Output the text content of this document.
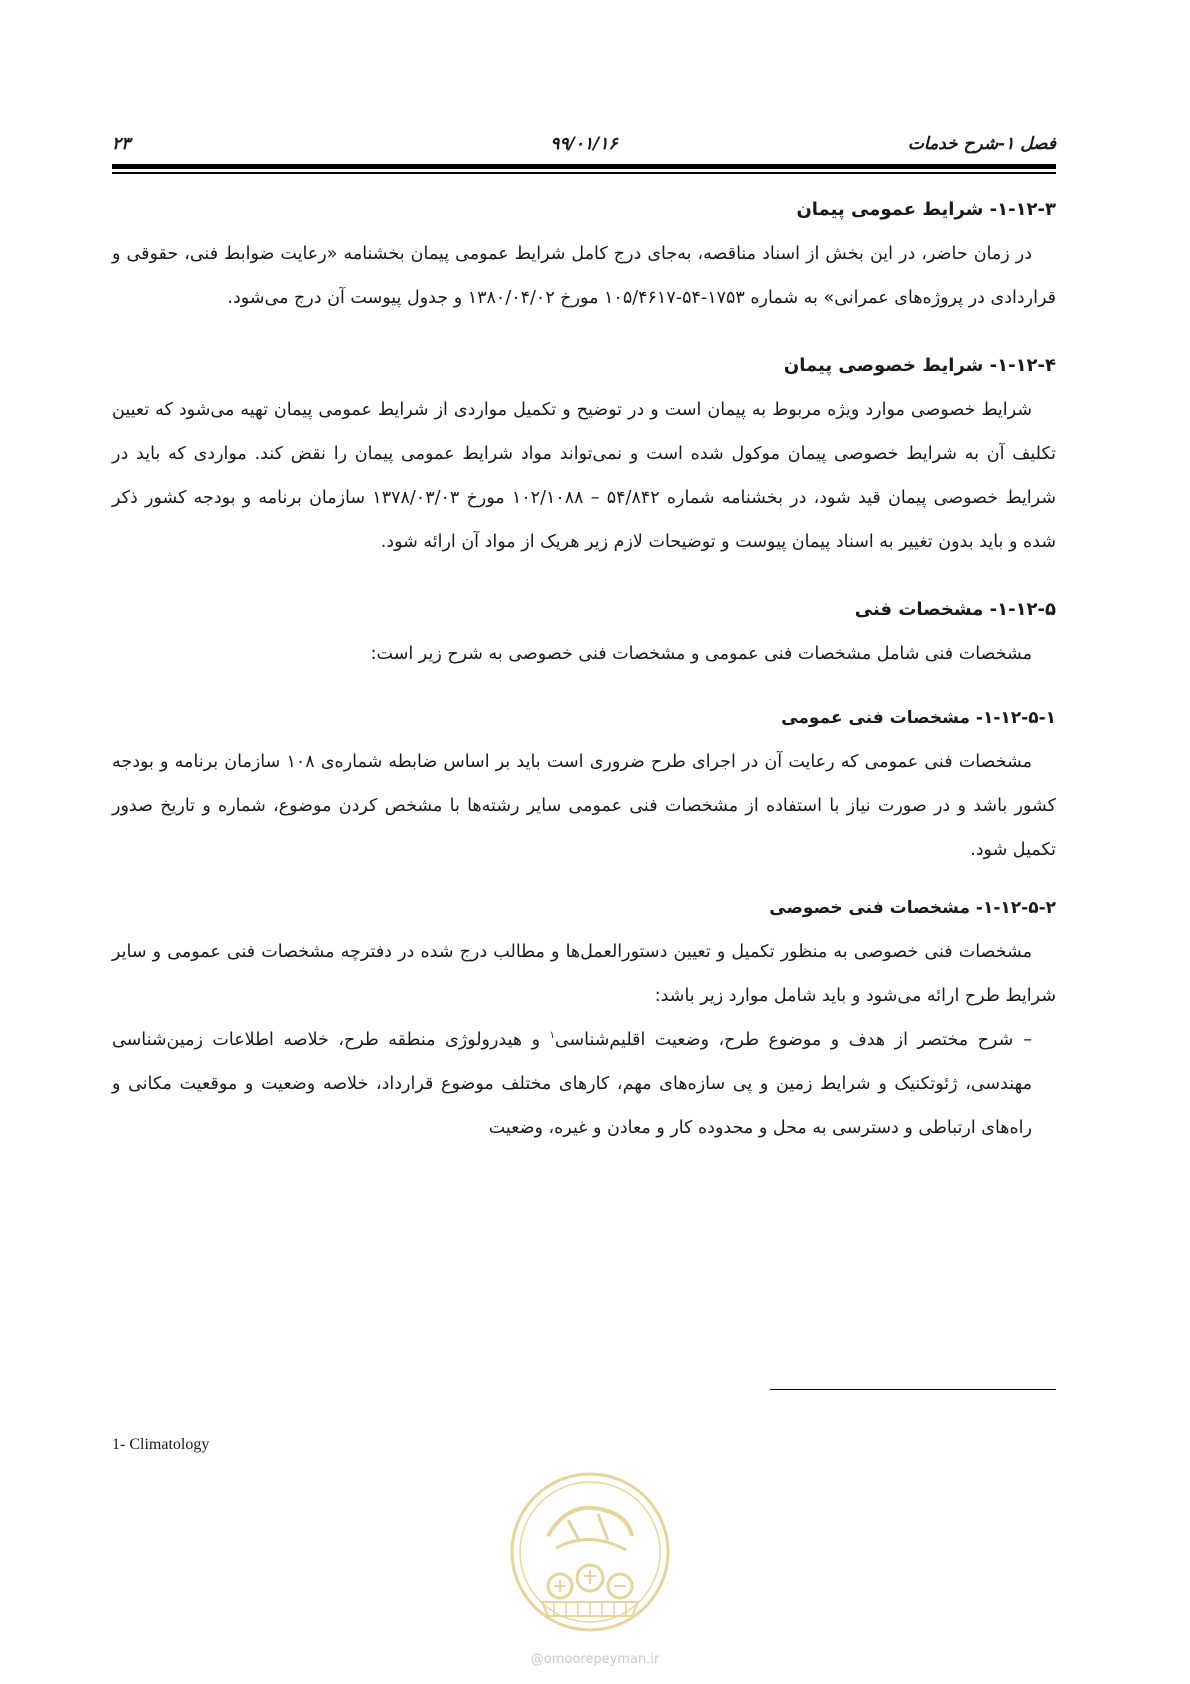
فصل ۱-شرح خدمات
۹۹/۰۱/۱۶
۲۳
۱-۱۲-۳- شرایط عمومی پیمان

در زمان حاضر، در این بخش از اسناد مناقصه، به‌جای درج کامل شرایط عمومی پیمان بخشنامه «رعایت ضوابط فنی، حقوقی و قراردادی در پروژه‌های عمرانی» به شماره ۱۷۵۳-۵۴-۱۰۵/۴۶۱۷ مورخ ۱۳۸۰/۰۴/۰۲ و جدول پیوست آن درج می‌شود.

۱-۱۲-۴- شرایط خصوصی پیمان

شرایط خصوصی موارد ویژه مربوط به پیمان است و در توضیح و تکمیل مواردی از شرایط عمومی پیمان تهیه می‌شود که تعیین تکلیف آن به شرایط خصوصی پیمان موکول شده است و نمی‌تواند مواد شرایط عمومی پیمان را نقض کند. مواردی که باید در شرایط خصوصی پیمان قید شود، در بخشنامه شماره ۵۴/۸۴۲ – ۱۰۲/۱۰۸۸ مورخ ۱۳۷۸/۰۳/۰۳ سازمان برنامه و بودجه کشور ذکر شده و باید بدون تغییر به اسناد پیمان پیوست و توضیحات لازم زیر هریک از مواد آن ارائه شود.

۱-۱۲-۵- مشخصات فنی

مشخصات فنی شامل مشخصات فنی عمومی و مشخصات فنی خصوصی به شرح زیر است:

۱-۱۲-۵-۱- مشخصات فنی عمومی

مشخصات فنی عمومی که رعایت آن در اجرای طرح ضروری است باید بر اساس ضابطه شماره‌ی ۱۰۸ سازمان برنامه و بودجه کشور باشد و در صورت نیاز با استفاده از مشخصات فنی عمومی سایر رشته‌ها با مشخص کردن موضوع، شماره و تاریخ صدور تکمیل شود.

۱-۱۲-۵-۲- مشخصات فنی خصوصی

مشخصات فنی خصوصی به منظور تکمیل و تعیین دستورالعمل‌ها و مطالب درج شده در دفترچه مشخصات فنی عمومی و سایر شرایط طرح ارائه می‌شود و باید شامل موارد زیر باشد:

–شرح مختصر از هدف و موضوع طرح، وضعیت اقلیم‌شناسی$^۱$ و هیدرولوژی منطقه طرح، خلاصه اطلاعات زمین‌شناسی مهندسی، ژئوتکنیک و شرایط زمین و پی سازه‌های مهم، کارهای مختلف موضوع قرارداد، خلاصه وضعیت و موقعیت مکانی و راه‌های ارتباطی و دسترسی به محل و محدوده کار و معادن و غیره، وضعیت
1- Climatology
@omoorepeyman.ir
